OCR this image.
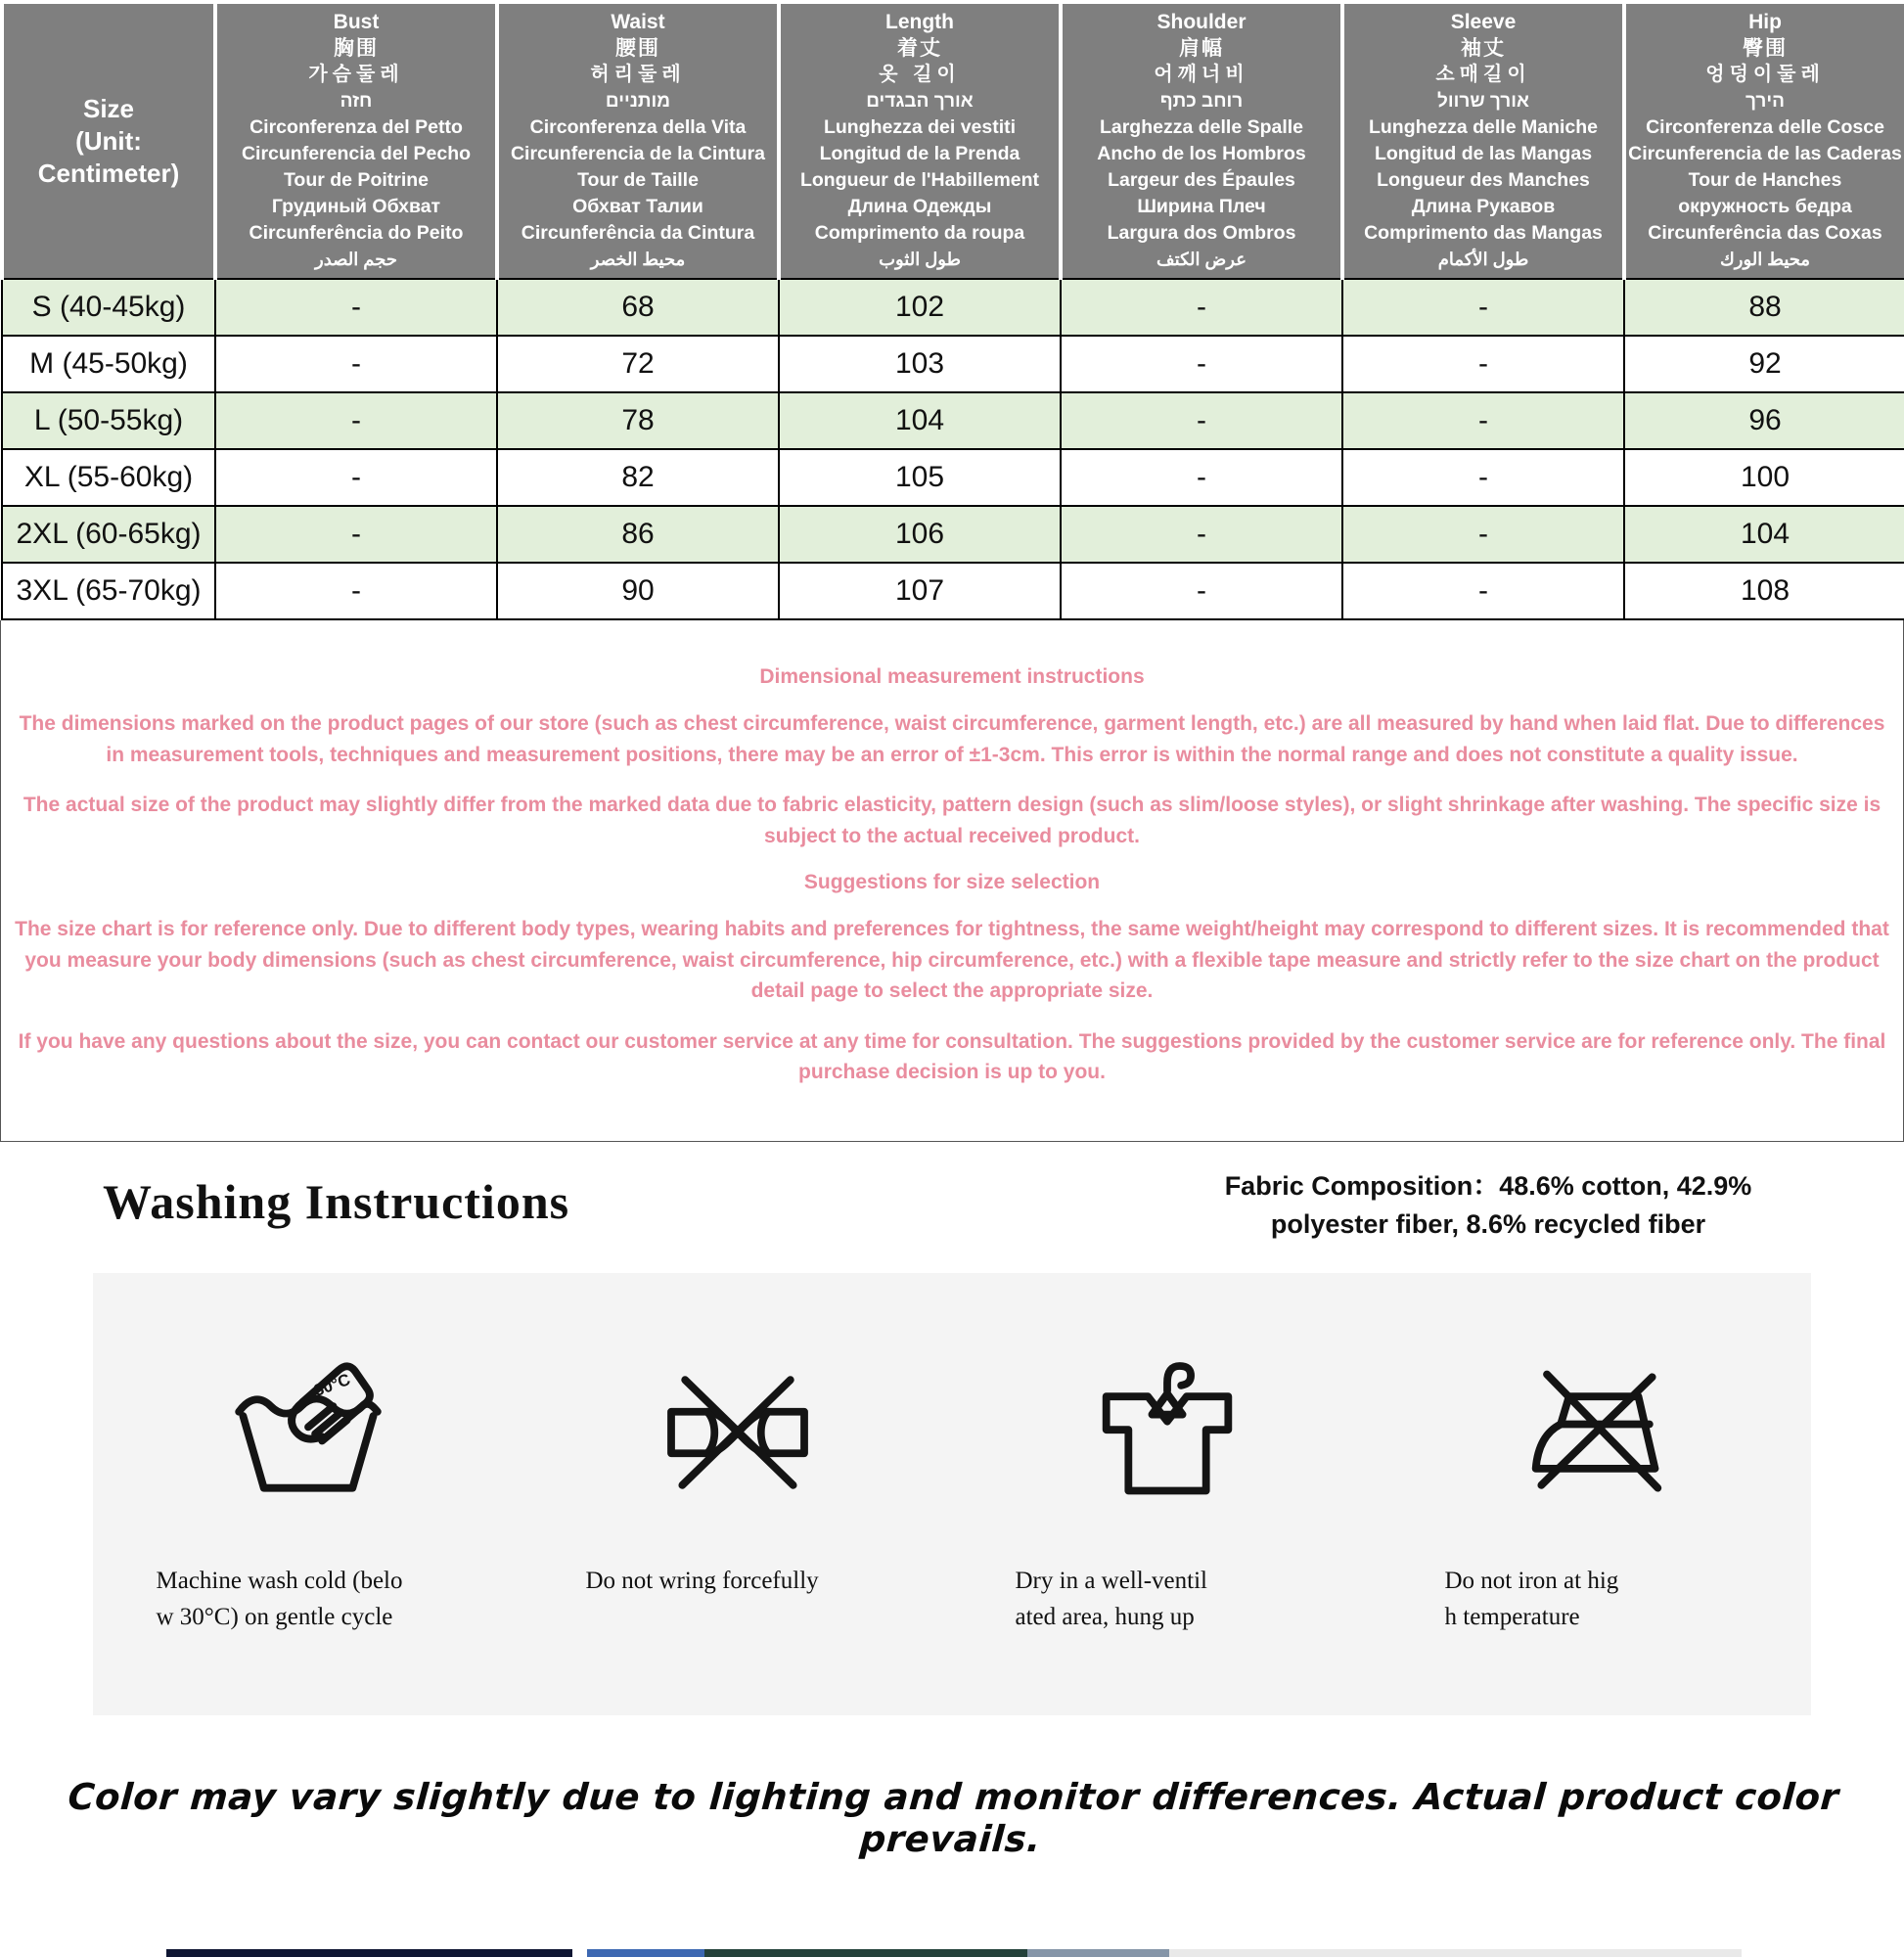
Size
(Unit: Centimeter)

Bust
胸围
가슴둘레
חזה
Circonferenza del Petto
Circunferencia del Pecho
Tour de Poitrine
Грудиный Обхват
Circunferência do Peito
حجم الصدر

Waist
腰围
허리둘레
מותניים
Circonferenza della Vita
Circunferencia de la Cintura
Tour de Taille
Обхват Талии
Circunferência da Cintura
محيط الخصر

Length
着丈
옷 길이
אורך הבגדים
Lunghezza dei vestiti
Longitud de la Prenda
Longueur de l'Habillement
Длина Одежды
Comprimento da roupa
طول الثوب

Shoulder
肩幅
어깨너비
רוחב כתף
Larghezza delle Spalle
Ancho de los Hombros
Largeur des Épaules
Ширина Плеч
Largura dos Ombros
عرض الكتف

Sleeve
袖丈
소매길이
אורך שרוול
Lunghezza delle Maniche
Longitud de las Mangas
Longueur des Manches
Длина Рукавов
Comprimento das Mangas
طول الأكمام

Hip
臀围
엉덩이둘레
הירך
Circonferenza delle Cosce
Circunferencia de las Caderas
Tour de Hanches
окружность бедра
Circunferência das Coxas
محيط الورك

S (40-45kg)	-	68	102	-	-	88
M (45-50kg)	-	72	103	-	-	92
L (50-55kg)	-	78	104	-	-	96
XL (55-60kg)	-	82	105	-	-	100
2XL (60-65kg)	-	86	106	-	-	104
3XL (65-70kg)	-	90	107	-	-	108
Dimensional measurement instructions
The dimensions marked on the product pages of our store (such as chest circumference, waist circumference, garment length, etc.) are all measured by hand when laid flat. Due to differences in measurement tools, techniques and measurement positions, there may be an error of ±1-3cm. This error is within the normal range and does not constitute a quality issue.
The actual size of the product may slightly differ from the marked data due to fabric elasticity, pattern design (such as slim/loose styles), or slight shrinkage after washing. The specific size is subject to the actual received product.
Suggestions for size selection
The size chart is for reference only. Due to different body types, wearing habits and preferences for tightness, the same weight/height may correspond to different sizes. It is recommended that you measure your body dimensions (such as chest circumference, waist circumference, hip circumference, etc.) with a flexible tape measure and strictly refer to the size chart on the product detail page to select the appropriate size.
If you have any questions about the size, you can contact our customer service at any time for consultation. The suggestions provided by the customer service are for reference only. The final purchase decision is up to you.
Washing Instructions	Fabric Composition：48.6% cotton, 42.9% polyester fiber, 8.6% recycled fiber
30°C
Machine wash cold (belo
w 30°C) on gentle cycle
Do not wring forcefully	Dry in a well-ventil
ated area, hung up
Do not iron at hig
h temperature
Color may vary slightly due to lighting and monitor differences. Actual product color prevails.
